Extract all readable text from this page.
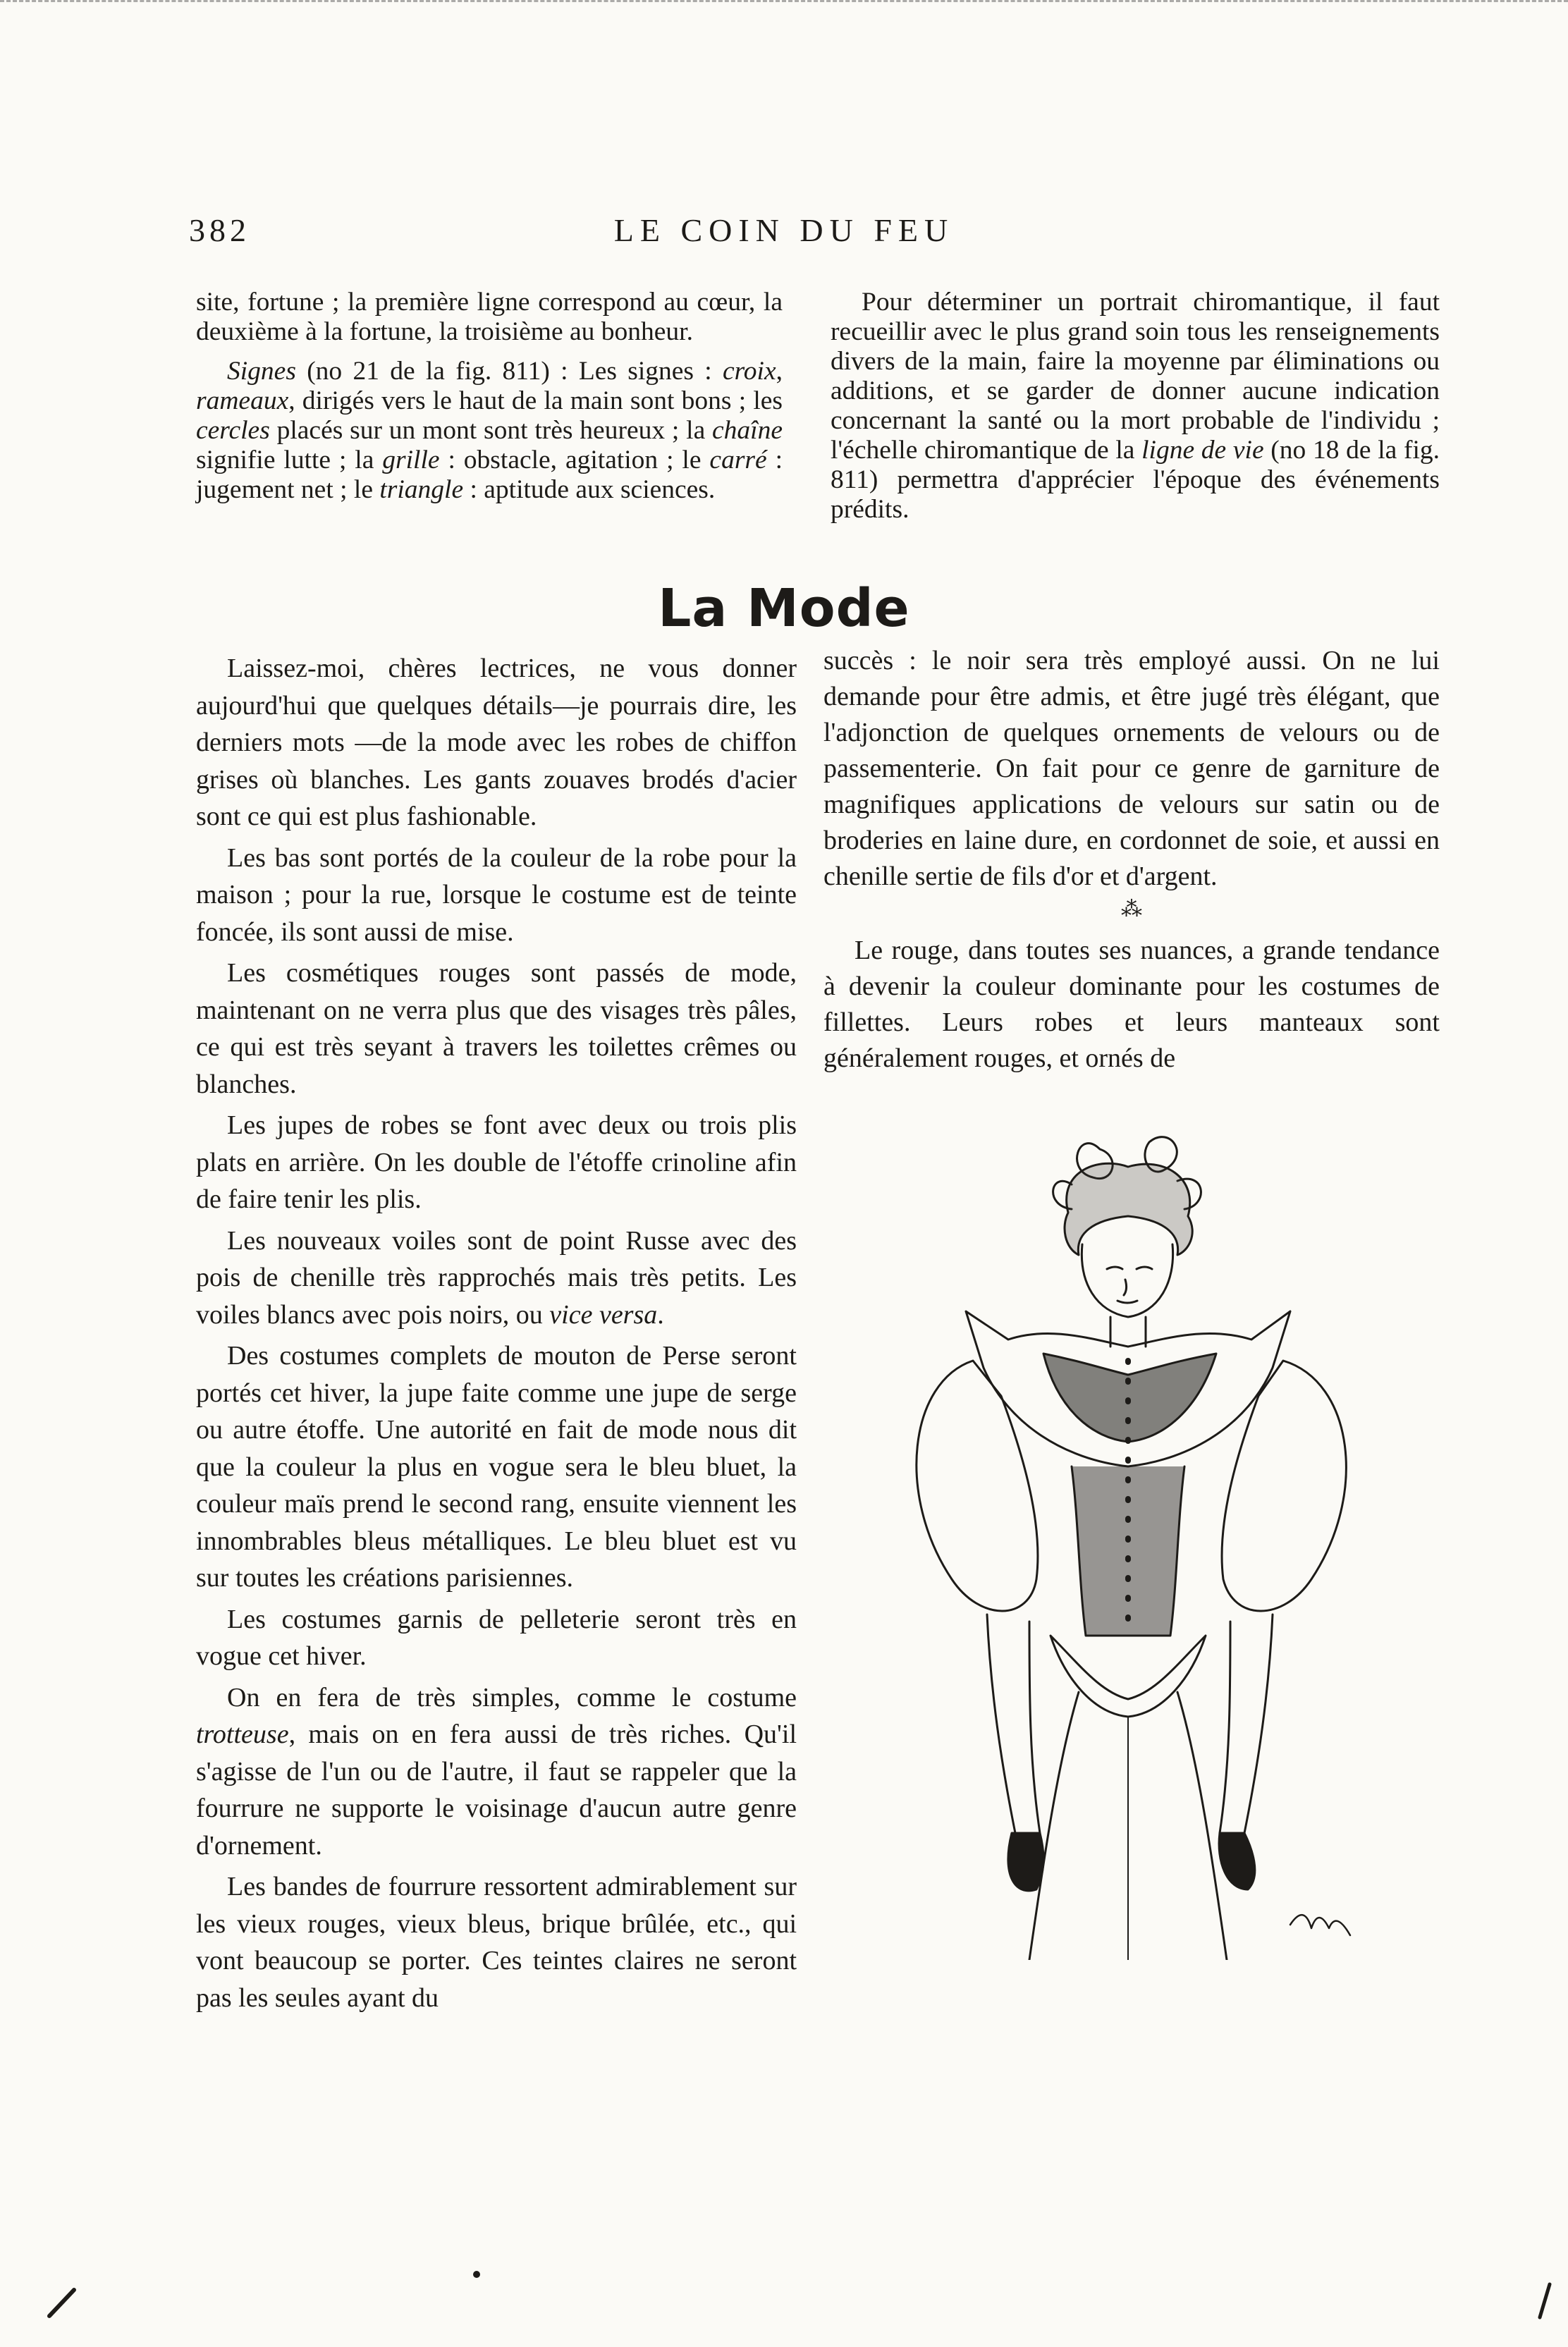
382	LE COIN DU FEU

site, fortune ; la première ligne correspond au cœur, la deuxième à la fortune, la troisième au bonheur.

Signes (no 21 de la fig. 811) : Les signes : croix, rameaux, dirigés vers le haut de la main sont bons ; les cercles placés sur un mont sont très heureux ; la chaîne signifie lutte ; la grille : obstacle, agitation ; le carré : jugement net ; le triangle : aptitude aux sciences.

Pour déterminer un portrait chiromantique, il faut recueillir avec le plus grand soin tous les renseignements divers de la main, faire la moyenne par éliminations ou additions, et se garder de donner aucune indication concernant la santé ou la mort probable de l'individu ; l'échelle chiromantique de la ligne de vie (no 18 de la fig. 811) permettra d'apprécier l'époque des événements prédits.

La Mode

Laissez-moi, chères lectrices, ne vous donner aujourd'hui que quelques détails—je pourrais dire, les derniers mots —de la mode avec les robes de chiffon grises où blanches. Les gants zouaves brodés d'acier sont ce qui est plus fashionable.

Les bas sont portés de la couleur de la robe pour la maison ; pour la rue, lorsque le costume est de teinte foncée, ils sont aussi de mise.

Les cosmétiques rouges sont passés de mode, maintenant on ne verra plus que des visages très pâles, ce qui est très seyant à travers les toilettes crêmes ou blanches.

Les jupes de robes se font avec deux ou trois plis plats en arrière. On les double de l'étoffe crinoline afin de faire tenir les plis.

Les nouveaux voiles sont de point Russe avec des pois de chenille très rapprochés mais très petits. Les voiles blancs avec pois noirs, ou vice versa.

Des costumes complets de mouton de Perse seront portés cet hiver, la jupe faite comme une jupe de serge ou autre étoffe. Une autorité en fait de mode nous dit que la couleur la plus en vogue sera le bleu bluet, la couleur maïs prend le second rang, ensuite viennent les innombrables bleus métalliques. Le bleu bluet est vu sur toutes les créations parisiennes.

Les costumes garnis de pelleterie seront très en vogue cet hiver.

On en fera de très simples, comme le costume trotteuse, mais on en fera aussi de très riches. Qu'il s'agisse de l'un ou de l'autre, il faut se rappeler que la fourrure ne supporte le voisinage d'aucun autre genre d'ornement.

Les bandes de fourrure ressortent admirablement sur les vieux rouges, vieux bleus, brique brûlée, etc., qui vont beaucoup se porter. Ces teintes claires ne seront pas les seules ayant du

succès : le noir sera très employé aussi. On ne lui demande pour être admis, et être jugé très élégant, que l'adjonction de quelques ornements de velours ou de passementerie. On fait pour ce genre de garniture de magnifiques applications de velours sur satin ou de broderies en laine dure, en cordonnet de soie, et aussi en chenille sertie de fils d'or et d'argent.

⁂

Le rouge, dans toutes ses nuances, a grande tendance à devenir la couleur dominante pour les costumes de fillettes. Leurs robes et leurs manteaux sont généralement rouges, et ornés de
